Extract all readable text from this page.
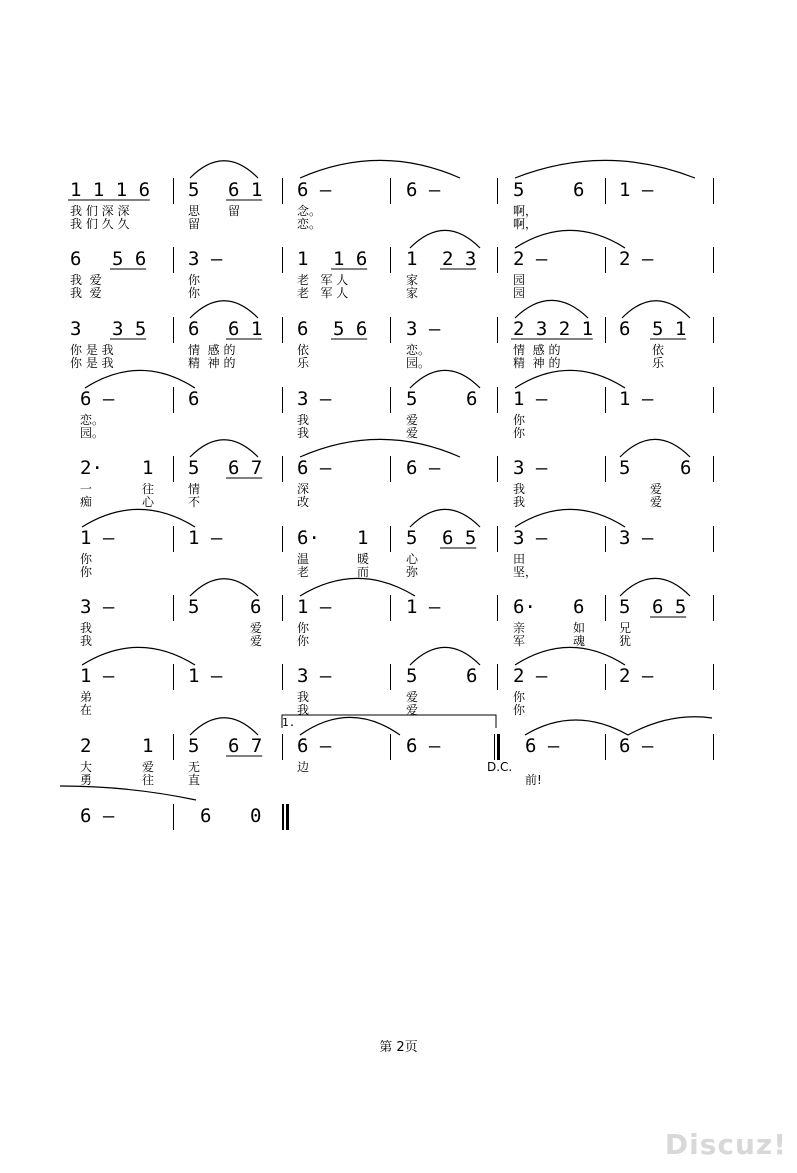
1 1 1 6 5 6 1 6 –	6 –	5	6 1 –
我 们 深 深	思 留	念。	啊，
我 们 久 久	留	恋。	啊，
6 5 6 3 –	1 1 6 1 2 3 2 –	2 –
我  爱	你	老   军 人	家	园
我  爱	你	老   军 人	家	园
3 3 5 6 6 1 6 5 6 3 –	2 3 2 1 6 5 1
你 是 我	情  感 的	依	恋。	情  感 的	依
你 是 我	精  神 的	乐	园。	精  神 的	乐
6 –	6	3 –	5	6 1 –	1 –
恋。	我	爱	你
园。	我	爱	你
2· 1 5 6 7 6 –	6 –	3 –	5	6
一	往	情	深	我	爱
痴	心	不	改	我	爱
1 –	1 –	6· 1 5 6 5 3 –	3 –
你	温	暖	心	田
你	老	而	弥	坚，
3 –	5	6 1 –	1 –	6· 6 5 6 5
我	爱	你	亲	如	兄
我	爱	你	军	魂	犹
1 –	1 –	3 –	5	6 2 –	2 –
弟	我	爱	你
在	我	爱	你
2	1 5 6 7 6 –	6 –	6 –	6 –
大	爱	无	边	D.C.
勇	往	直	前!
6 –	6 0
1.
第 2页
Discuz!
